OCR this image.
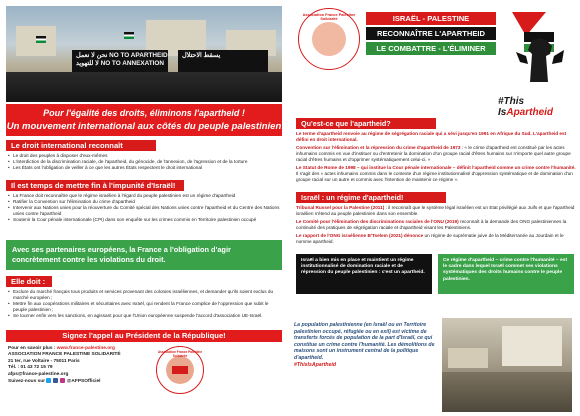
ﻧﺤﻦ ﻻ ﻧﻌﻤﻞ NO TO APARTHEID
ﻻ ﻟﻠﺘﻬﻮﻳﺪ NO TO ANNEXATION
ﻳﺴﻘﻂ الاحتلال
Pour l'égalité des droits, éliminons l'apartheid !
Un mouvement international aux côtés du peuple palestinien
Le droit international reconnaît
• Le droit des peuples à disposer d'eux-mêmes
• L'interdiction de la discrimination raciale, de l'apartheid, du génocide, de l'annexion, de l'agression et de la torture
• Les États ont l'obligation de veiller à ce que les autres États respectent le droit international
Il est temps de mettre fin à l'impunité d'Israël!
• La France doit reconnaître que le régime israélien à l'égard du peuple palestinien est un régime d'apartheid
• Ratifier la Convention sur l'élimination du crime d'apartheid
• Intervenir aux Nations unies pour la réouverture du Comité spécial des Nations unies contre l'apartheid et du Centre des Nations unies contre l'apartheid
• Soutenir la Cour pénale internationale (CPI) dans son enquête sur les crimes commis en Territoire palestinien occupé
Avec ses partenaires européens, la France a l'obligation d'agir concrètement contre les violations du droit.
Elle doit :
• Exclure du marché français tous produits et services provenant des colonies israéliennes, et demander qu'ils soient exclus du marché européen ;
• Mettre fin aux coopérations militaires et sécuritaires avec Israël, qui rendent la France complice de l'oppression que subit le peuple palestinien ;
• Se tourner enfin vers les sanctions, en agissant pour que l'Union européenne suspende l'accord d'association UE-Israël.
Signez l'appel au Président de la République!
Pour en savoir plus : www.france-palestine.org
ASSOCIATION FRANCE PALESTINE SOLIDARITÉ
21 ter, rue Voltaire - 75011 Paris
Tél. : 01 43 72 15 79
afps@france-palestine.org
Suivez-nous sur	@AFPSOfficiel
Association France Palestine Solidarité
Association France Palestine Solidarité	ISRAËL - PALESTINE
RECONNAÎTRE L'APARTHEID
LE COMBATTRE - L'ÉLIMINER
#This
IsApartheid
Qu'est-ce que l'apartheid?

Le terme d'apartheid renvoie au régime de ségrégation raciale qui a sévi jusqu'en 1991 en Afrique du Sud. L'apartheid est défini en droit international.

Convention sur l'élimination et la répression du crime d'apartheid de 1973 : « le crime d'apartheid est constitué par les actes inhumains commis en vue d'instituer ou d'entretenir la domination d'un groupe racial d'êtres humains sur n'importe quel autre groupe racial d'êtres humains et d'opprimer systématiquement celui-ci. »

Le Statut de Rome de 1998 – qui institue la Cour pénale internationale – définit l'apartheid comme un crime contre l'humanité. Il s'agit des « actes inhumains commis dans le contexte d'un régime institutionnalisé d'oppression systématique et de domination d'un groupe racial sur un autre et commis avec l'intention de maintenir ce régime ».

Israël : un régime d'apartheid!

Tribunal Russel pour la Palestine (2011) : il reconnaît que le système légal israélien est un Etat privilégié aux Juifs et que l'apartheid israélien s'étend au peuple palestinien dans son ensemble.

Le Comité pour l'élimination des discriminations raciales de l'ONU (2019) reconnaît à la demande des ONG palestiniennes la continuité des pratiques de ségrégation raciale et d'apartheid visant les Palestiniens.

Le rapport de l'ONG israélienne B'Tselem (2021) dénonce un régime de suprématie juive de la Méditerranée au Jourdain et le nomme apartheid.

Israël a bien mis en place et maintient un régime institutionnalisé de domination raciale et de répression du peuple palestinien : c'est un apartheid.
Ce régime d'apartheid – crime contre l'humanité – est le cadre dans lequel Israël commet ses violations systématiques des droits humains contre le peuple palestinien.
La population palestinienne (en Israël ou en Territoire palestinien occupé, réfugiée ou en exil) est victime de transferts forcés de population de la part d'Israël, ce qui constitue un crime contre l'humanité. Les démolitions de maisons sont un instrument central de la politique d'apartheid.
#ThisIsApartheid
